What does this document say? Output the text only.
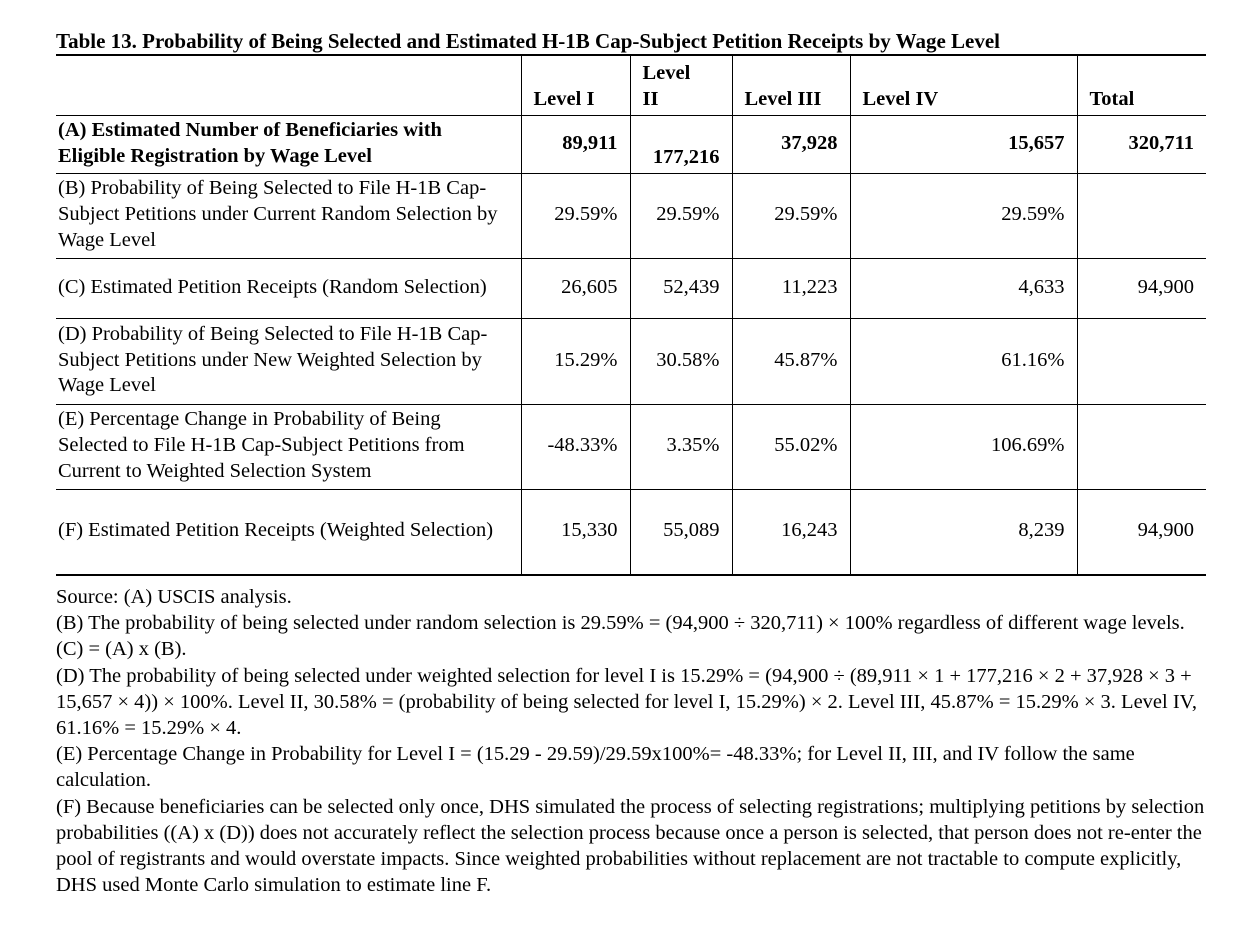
Table 13. Probability of Being Selected and Estimated H-1B Cap-Subject Petition Receipts by Wage Level
	Level I	Level II	Level III	Level IV	Total
(A) Estimated Number of Beneficiaries with Eligible Registration by Wage Level	89,911	177,216	37,928	15,657	320,711
(B) Probability of Being Selected to File H-1B Cap-Subject Petitions under Current Random Selection by Wage Level	29.59%	29.59%	29.59%	29.59%	
(C) Estimated Petition Receipts (Random Selection)	26,605	52,439	11,223	4,633	94,900
(D) Probability of Being Selected to File H-1B Cap-Subject Petitions under New Weighted Selection by Wage Level	15.29%	30.58%	45.87%	61.16%	
(E) Percentage Change in Probability of Being Selected to File H-1B Cap-Subject Petitions from Current to Weighted Selection System	-48.33%	3.35%	55.02%	106.69%	
(F) Estimated Petition Receipts (Weighted Selection)	15,330	55,089	16,243	8,239	94,900

Source: (A) USCIS analysis.

(B) The probability of being selected under random selection is 29.59% = (94,900 ÷ 320,711) × 100% regardless of different wage levels.

(C) = (A) x (B).

(D) The probability of being selected under weighted selection for level I is 15.29% = (94,900 ÷ (89,911 × 1 + 177,216 × 2 + 37,928 × 3 + 15,657 × 4)) × 100%. Level II, 30.58% = (probability of being selected for level I, 15.29%) × 2. Level III, 45.87% = 15.29% × 3. Level IV, 61.16% = 15.29% × 4.

(E) Percentage Change in Probability for Level I = (15.29 - 29.59)/29.59x100%= -48.33%; for Level II, III, and IV follow the same calculation.

(F) Because beneficiaries can be selected only once, DHS simulated the process of selecting registrations; multiplying petitions by selection probabilities ((A) x (D)) does not accurately reflect the selection process because once a person is selected, that person does not re-enter the pool of registrants and would overstate impacts. Since weighted probabilities without replacement are not tractable to compute explicitly, DHS used Monte Carlo simulation to estimate line F.
